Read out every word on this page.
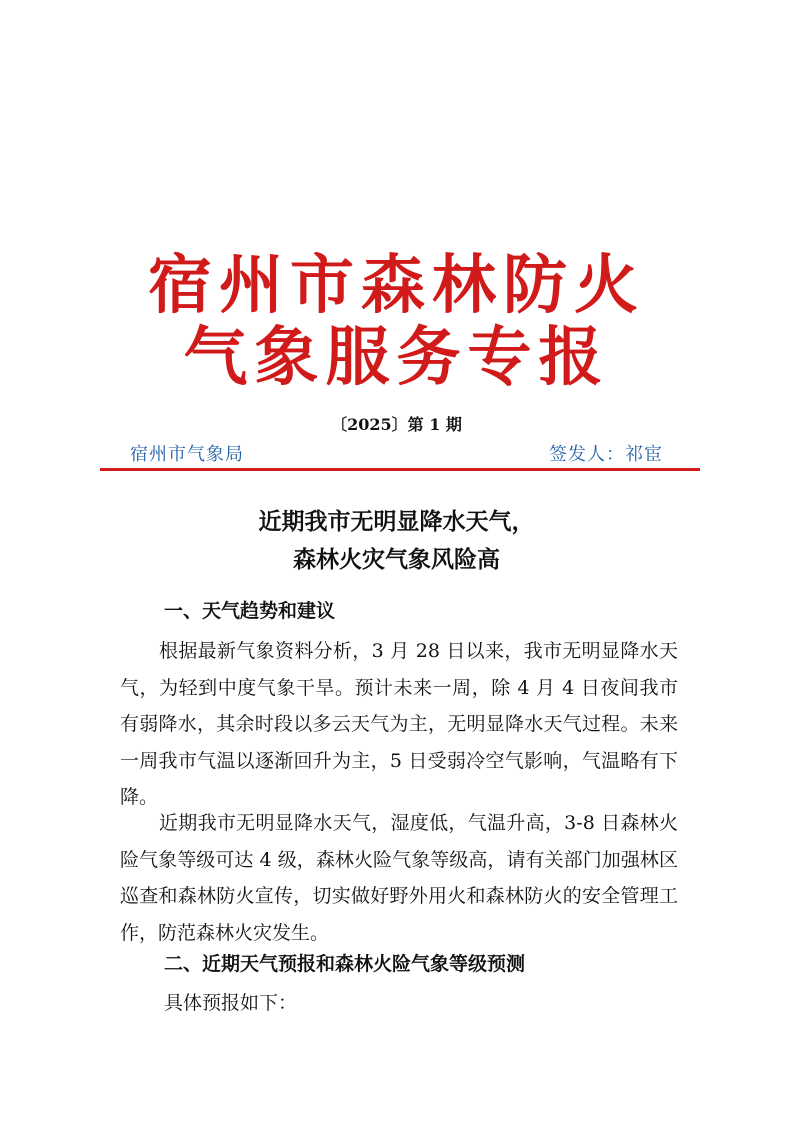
宿州市森林防火
气象服务专报
〔2025〕第 1 期
宿州市气象局	签发人：祁宦
近期我市无明显降水天气，
森林火灾气象风险高
一、天气趋势和建议

根据最新气象资料分析，3 月 28 日以来，我市无明显降水天气，为轻到中度气象干旱。预计未来一周，除 4 月 4 日夜间我市有弱降水，其余时段以多云天气为主，无明显降水天气过程。未来一周我市气温以逐渐回升为主，5 日受弱冷空气影响，气温略有下降。

近期我市无明显降水天气，湿度低，气温升高，3-8 日森林火险气象等级可达 4 级，森林火险气象等级高，请有关部门加强林区巡查和森林防火宣传，切实做好野外用火和森林防火的安全管理工作，防范森林火灾发生。

二、近期天气预报和森林火险气象等级预测
具体预报如下：
